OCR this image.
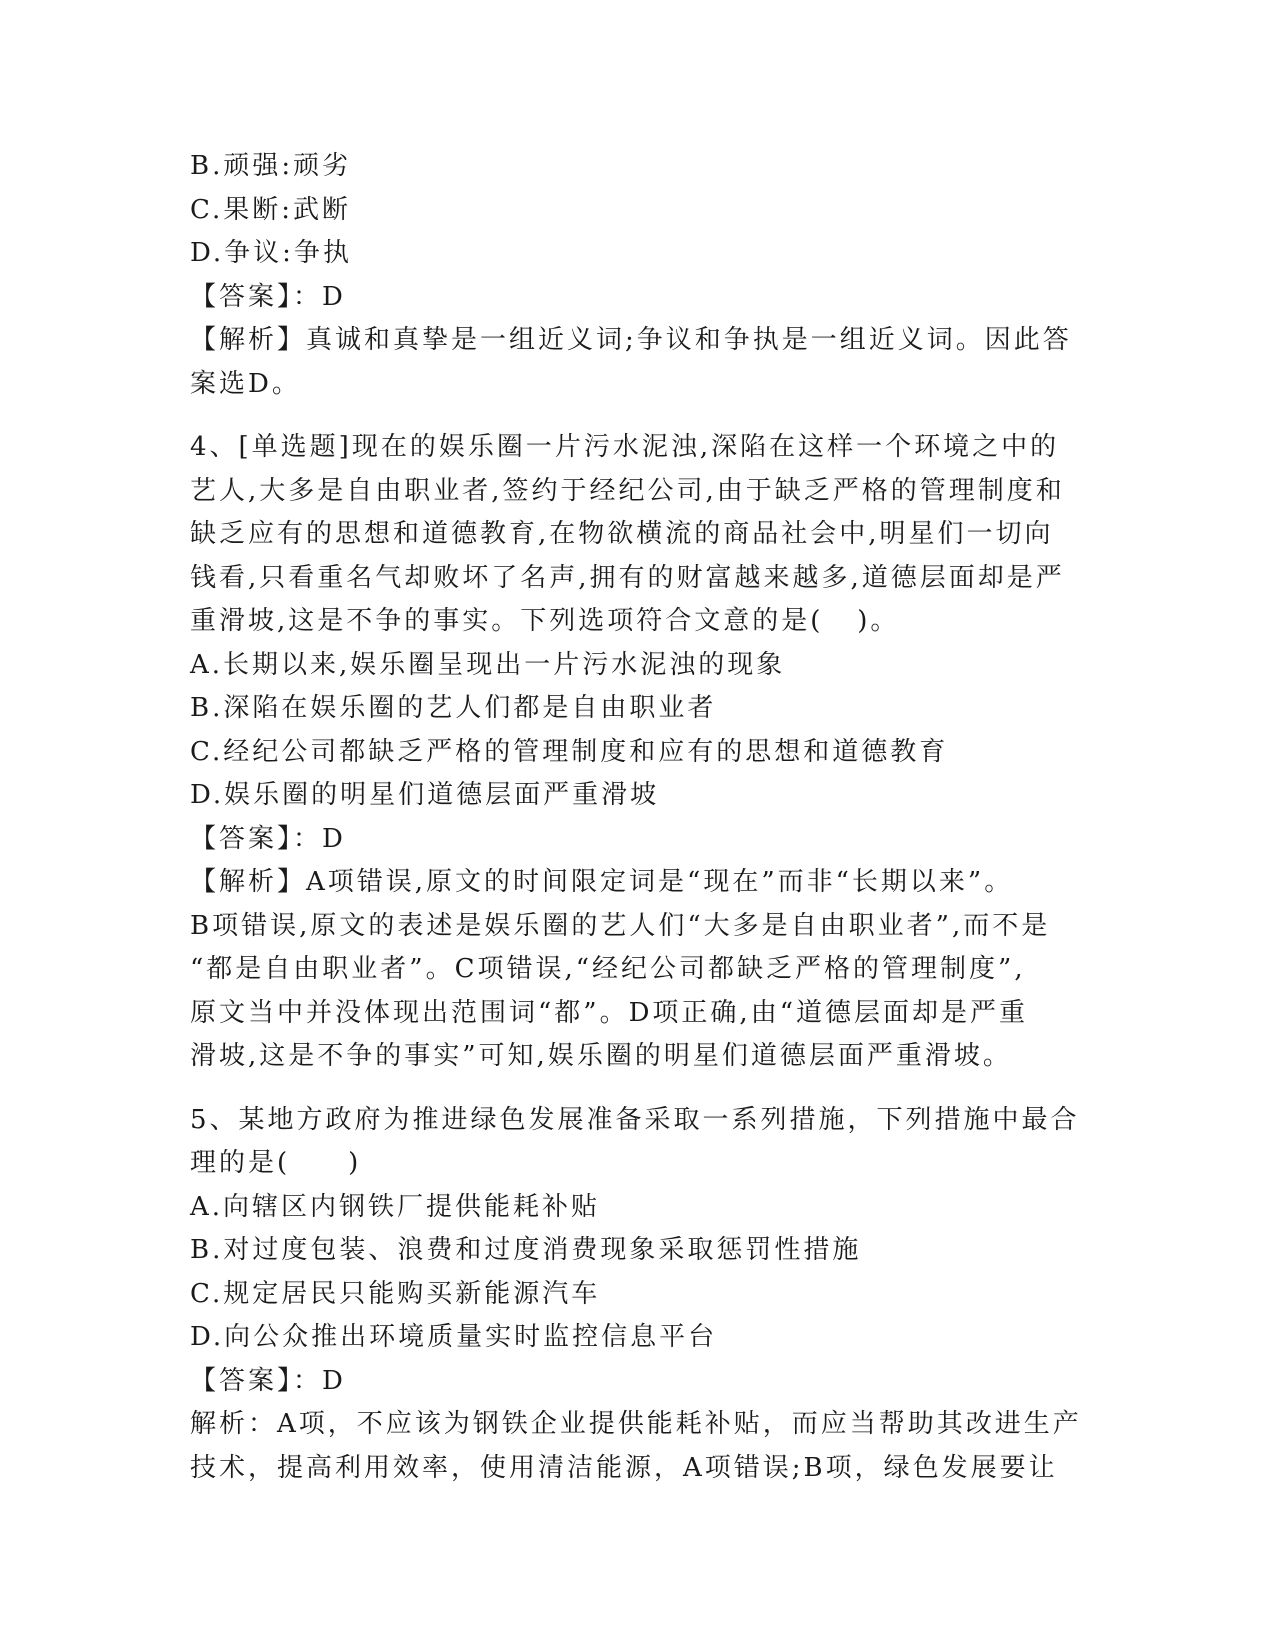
B.顽强:顽劣
C.果断:武断
D.争议:争执
【答案】：D
【解析】真诚和真挚是一组近义词;争议和争执是一组近义词。因此答
案选D。
4、[单选题]现在的娱乐圈一片污水泥浊,深陷在这样一个环境之中的
艺人,大多是自由职业者,签约于经纪公司,由于缺乏严格的管理制度和
缺乏应有的思想和道德教育,在物欲横流的商品社会中,明星们一切向
钱看,只看重名气却败坏了名声,拥有的财富越来越多,道德层面却是严
重滑坡,这是不争的事实。下列选项符合文意的是(   )。
A.长期以来,娱乐圈呈现出一片污水泥浊的现象
B.深陷在娱乐圈的艺人们都是自由职业者
C.经纪公司都缺乏严格的管理制度和应有的思想和道德教育
D.娱乐圈的明星们道德层面严重滑坡
【答案】：D
【解析】A项错误,原文的时间限定词是“现在”而非“长期以来”。
B项错误,原文的表述是娱乐圈的艺人们“大多是自由职业者”,而不是
“都是自由职业者”。C项错误,“经纪公司都缺乏严格的管理制度”,
原文当中并没体现出范围词“都”。D项正确,由“道德层面却是严重
滑坡,这是不争的事实”可知,娱乐圈的明星们道德层面严重滑坡。
5、某地方政府为推进绿色发展准备采取一系列措施，下列措施中最合
理的是(　　)
A.向辖区内钢铁厂提供能耗补贴
B.对过度包装、浪费和过度消费现象采取惩罚性措施
C.规定居民只能购买新能源汽车
D.向公众推出环境质量实时监控信息平台
【答案】：D
解析：A项，不应该为钢铁企业提供能耗补贴，而应当帮助其改进生产
技术，提高利用效率，使用清洁能源，A项错误;B项，绿色发展要让
